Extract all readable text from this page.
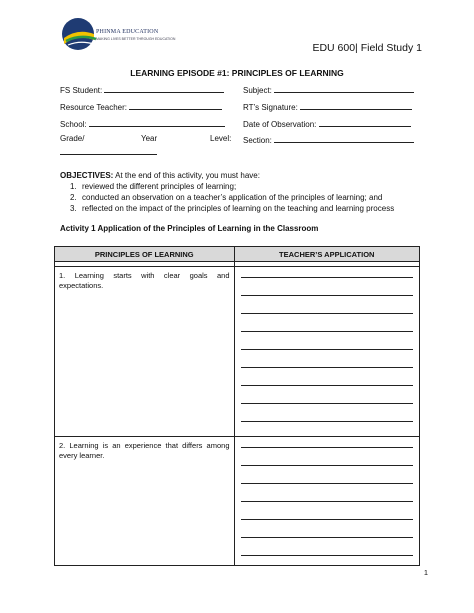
PHINMA EDUCATION
MAKING LIVES BETTER THROUGH EDUCATION
EDU 600| Field Study 1
LEARNING EPISODE #1: PRINCIPLES OF LEARNING
FS Student:	Subject:
Resource Teacher:	RT’s Signature:
School:	Date of Observation:
Grade/	Year	Level: Section:
OBJECTIVES: At the end of this activity, you must have:
1. reviewed the different principles of learning;
2. conducted an observation on a teacher’s application of the principles of learning; and
3. reflected on the impact of the principles of learning on the teaching and learning process
Activity 1 Application of the Principles of Learning in the Classroom
PRINCIPLES OF LEARNING	TEACHER’S APPLICATION

1. Learning starts with clear goals and expectations.	

2. Learning is an experience that differs among every learner.	
1
